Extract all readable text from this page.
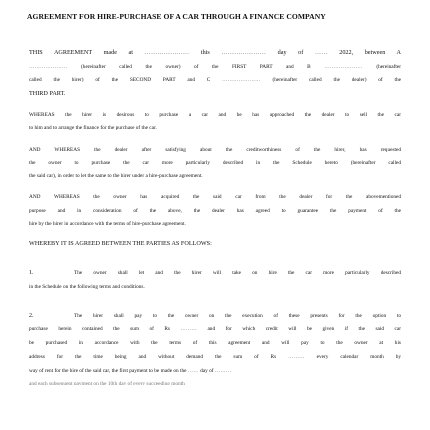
AGREEMENT FOR HIRE-PURCHASE OF A CAR THROUGH A FINANCE COMPANY
THIS AGREEMENT made at ………………… this ………………… day of …… 2022, between A
…………………	(hereinafter called the owner) of the FIRST PART and B	…………………	(hereinafter
called the hirer) of the SECOND PART and C ………………… (hereinafter called the dealer) of the
THIRD PART.
WHEREAS the hirer is desirous to purchase a car and he has approached the dealer to sell the car
to him and to arrange the finance for the purchase of the car.
AND WHEREAS the dealer after satisfying about the creditworthiness of the hirer, has requested
the owner to purchase the car more particularly described in the Schedule hereto (hereinafter called
the said car), in order to let the same to the hirer under a hire-purchase agreement.
AND WHEREAS the owner has acquired the said car from the dealer for the abovementioned
purpose and in consideration of the above, the dealer has agreed to guarantee the payment of the
hire by the hirer in accordance with the terms of hire-purchase agreement.
WHEREBY IT IS AGREED BETWEEN THE PARTIES AS FOLLOWS:
1.	The owner shall let and the hirer will take on hire the car more particularly described
in the Schedule on the following terms and conditions.
2.	The hirer shall pay to the owner on the execution of these presents for the option to
purchase herein contained the sum of Rs ……… and for which credit will be given if the said car
be purchased in accordance with the terms of this agreement and will pay to the owner at his
address for the time being and without demand the sum of Rs ……… every calendar month by
way of rent for the hire of the said car, the first payment to be made on the …… day of ………
and each subsequent payment on the 10th day of every succeeding month
